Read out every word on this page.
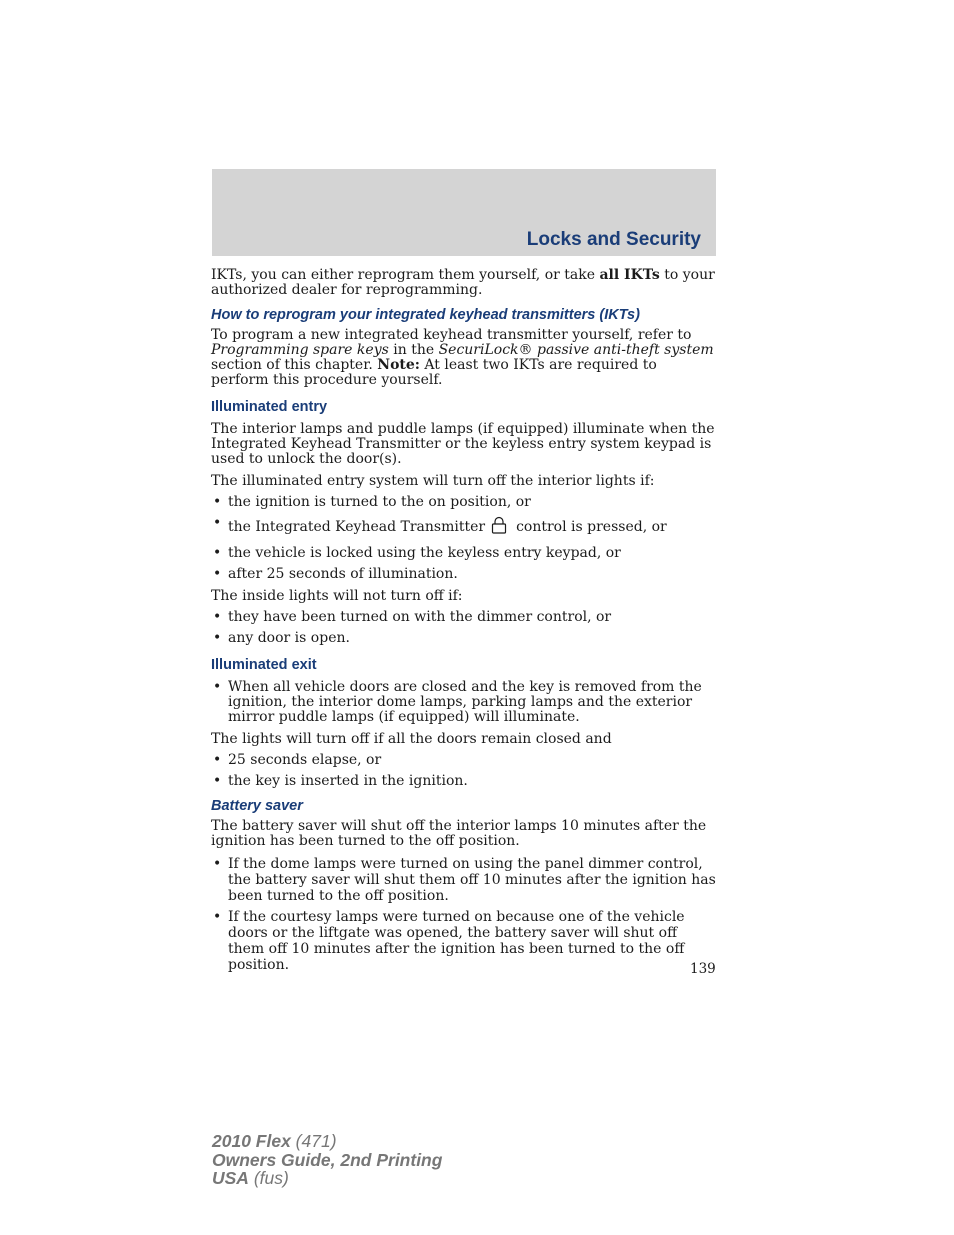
Locks and Security

IKTs, you can either reprogram them yourself, or take all IKTs to your authorized dealer for reprogramming.

How to reprogram your integrated keyhead transmitters (IKTs)

To program a new integrated keyhead transmitter yourself, refer to Programming spare keys in the SecuriLock® passive anti-theft system section of this chapter. Note: At least two IKTs are required to perform this procedure yourself.

Illuminated entry

The interior lamps and puddle lamps (if equipped) illuminate when the Integrated Keyhead Transmitter or the keyless entry system keypad is used to unlock the door(s).

The illuminated entry system will turn off the interior lights if:

• the ignition is turned to the on position, or
• the Integrated Keyhead Transmitter control is pressed, or
• the vehicle is locked using the keyless entry keypad, or
• after 25 seconds of illumination.

The inside lights will not turn off if:

• they have been turned on with the dimmer control, or
• any door is open.
Illuminated exit
• When all vehicle doors are closed and the key is removed from the ignition, the interior dome lamps, parking lamps and the exterior mirror puddle lamps (if equipped) will illuminate.

The lights will turn off if all the doors remain closed and

• 25 seconds elapse, or
• the key is inserted in the ignition.
Battery saver

The battery saver will shut off the interior lamps 10 minutes after the ignition has been turned to the off position.

• If the dome lamps were turned on using the panel dimmer control, the battery saver will shut them off 10 minutes after the ignition has been turned to the off position.
• If the courtesy lamps were turned on because one of the vehicle doors or the liftgate was opened, the battery saver will shut off them off 10 minutes after the ignition has been turned to the off position.	139
2010 Flex (471)
Owners Guide, 2nd Printing
USA (fus)
